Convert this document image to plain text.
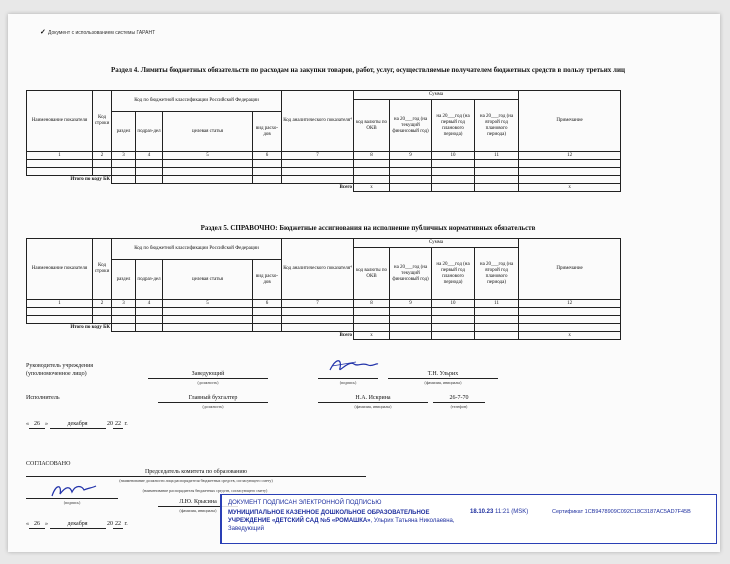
✓ Документ с использованием системы ГАРАНТ
Раздел 4. Лимиты бюджетных обязательств по расходам на закупки товаров, работ, услуг, осуществляемые получателем бюджетных средств в пользу третьих лиц
Наименование показателя	Код строки	Код по бюджетной классификации Российской Федерации				Код аналитического показателя⁴	Сумма				Примечание
							код валюты по ОКВ	на 20___год (на текущий финансовый год)	на 20___год (на первый год планового периода)	на 20___год (на второй год планового периода)	
		раздел	подраз-дел	целевая статья	вид расхо-дов						
1	2	3	4	5	6	7	8	9	10	11	12

Итого по коду БК											
						Всего	x				x
Раздел 5. СПРАВОЧНО: Бюджетные ассигнования на исполнение публичных нормативных обязательств
Наименование показателя	Код строки	Код по бюджетной классификации Российской Федерации				Код аналитического показателя⁴	Сумма				Примечание
							код валюты по ОКВ	на 20___год (на текущий финансовый год)	на 20___год (на первый год планового периода)	на 20___год (на второй год планового периода)	
		раздел	подраз-дел	целевая статья	вид расхо-дов						
1	2	3	4	5	6	7	8	9	10	11	12

Итого по коду БК											
						Всего	x				x
Руководитель учреждения (уполномоченное лицо)	Заведующий
(должность)	(подпись)
Т.Н. Ульрих
(фамилия, инициалы)
Исполнитель	Главный бухгалтер
(должность)
Н.А. Искрина
(фамилия, инициалы)
26-7-70
(телефон)
« 26 »	декабря	20 22 г.
СОГЛАСОВАНО
Председатель комитета по образованию
(наименование должности лица распорядителя бюджетных средств, согласующего смету)
(наименование распорядителя бюджетных средств, согласующего смету)
Л.Ю. Крысина
(подпись)
(фамилия, инициалы)
« 26 »	декабря	20 22 г.
ДОКУМЕНТ ПОДПИСАН ЭЛЕКТРОННОЙ ПОДПИСЬЮ
МУНИЦИПАЛЬНОЕ КАЗЕННОЕ ДОШКОЛЬНОЕ ОБРАЗОВАТЕЛЬНОЕ УЧРЕЖДЕНИЕ «ДЕТСКИЙ САД №5 «РОМАШКА», Ульрих Татьяна Николаевна, Заведующий
18.10.23 11:21 (MSK)	Сертификат 1CB9478909C092C18C3187AC5AD7F45B
